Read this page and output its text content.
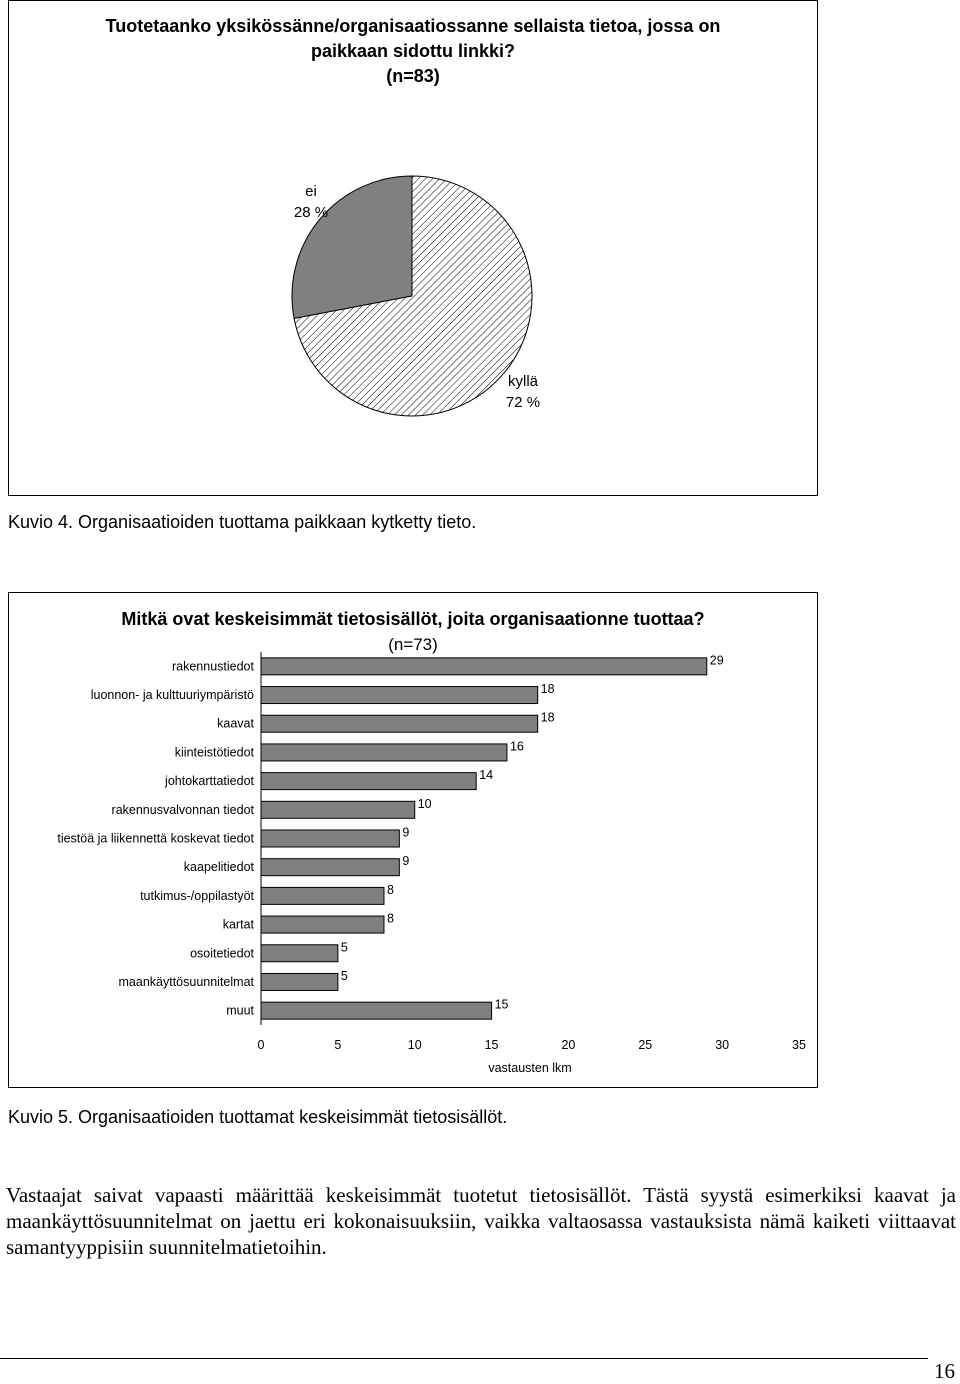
Tuotetaanko yksikössänne/organisaatiossanne sellaista tietoa, jossa on
paikkaan sidottu linkki?
(n=83)
ei
28 %
kyllä
72 %
Kuvio 4. Organisaatioiden tuottama paikkaan kytketty tieto.
Mitkä ovat keskeisimmät tietosisällöt, joita organisaationne tuottaa?
(n=73)
rakennustiedot	29
luonnon- ja kulttuuriympäristö	18
kaavat	18
kiinteistötiedot	16
johtokarttatiedot	14
rakennusvalvonnan tiedot	10
tiestöä ja liikennettä koskevat tiedot	9
kaapelitiedot	9
tutkimus-/oppilastyöt	8
kartat	8
osoitetiedot	5
maankäyttösuunnitelmat	5
muut	15
0	5	10	15	20	25	30	35
vastausten lkm
Kuvio 5. Organisaatioiden tuottamat keskeisimmät tietosisällöt.
Vastaajat saivat vapaasti määrittää keskeisimmät tuotetut tietosisällöt. Tästä syystä esimerkiksi kaavat ja maankäyttösuunnitelmat on jaettu eri kokonaisuuksiin, vaikka valtaosassa vastauksista nämä kaiketi viittaavat samantyyppisiin suunnitelmatietoihin.
16
